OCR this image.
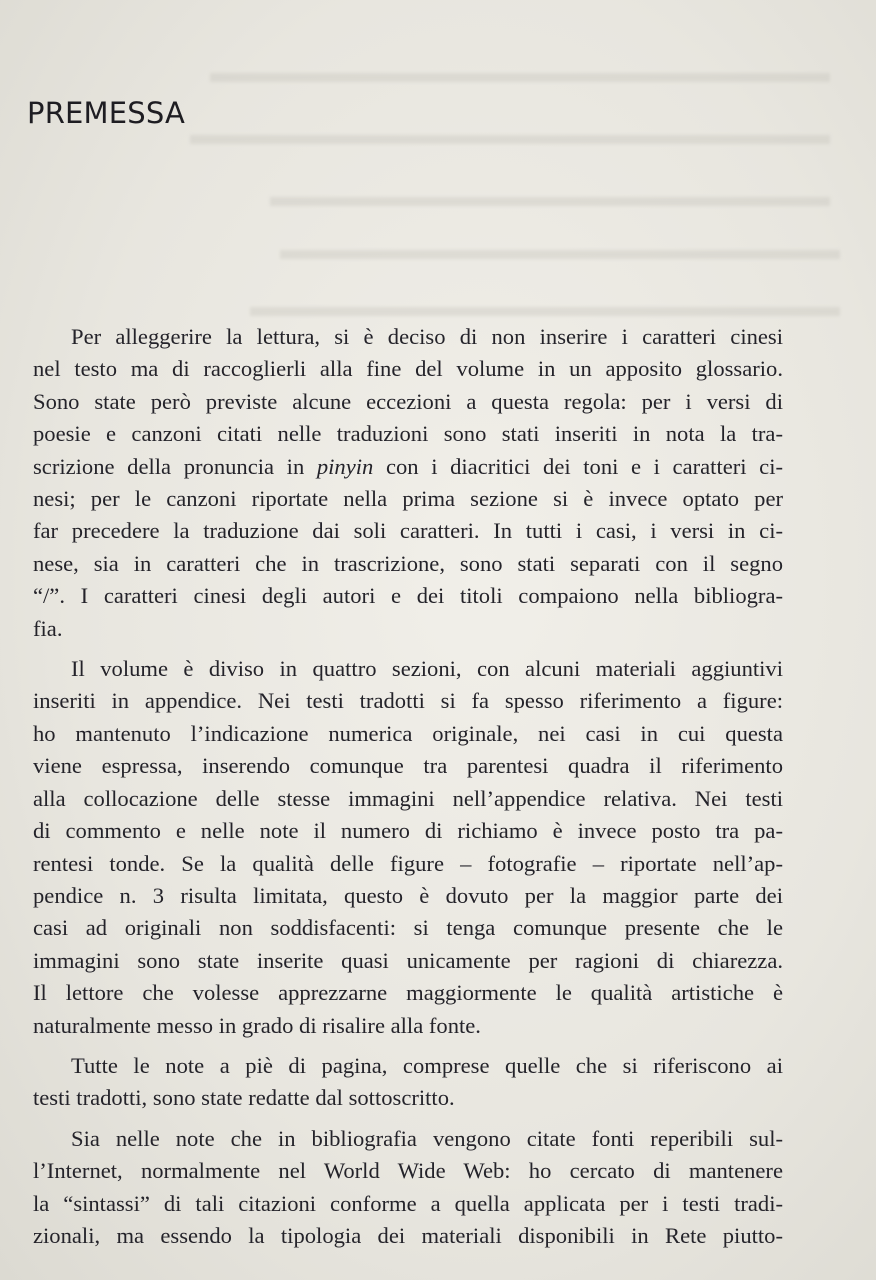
PREMESSA
Per alleggerire la lettura, si è deciso di non inserire i caratteri cinesi
nel testo ma di raccoglierli alla fine del volume in un apposito glossario.
Sono state però previste alcune eccezioni a questa regola: per i versi di
poesie e canzoni citati nelle traduzioni sono stati inseriti in nota la tra-
scrizione della pronuncia in pinyin con i diacritici dei toni e i caratteri ci-
nesi; per le canzoni riportate nella prima sezione si è invece optato per
far precedere la traduzione dai soli caratteri. In tutti i casi, i versi in ci-
nese, sia in caratteri che in trascrizione, sono stati separati con il segno
“/”. I caratteri cinesi degli autori e dei titoli compaiono nella bibliogra-
fia.
Il volume è diviso in quattro sezioni, con alcuni materiali aggiuntivi
inseriti in appendice. Nei testi tradotti si fa spesso riferimento a figure:
ho mantenuto l’indicazione numerica originale, nei casi in cui questa
viene espressa, inserendo comunque tra parentesi quadra il riferimento
alla collocazione delle stesse immagini nell’appendice relativa. Nei testi
di commento e nelle note il numero di richiamo è invece posto tra pa-
rentesi tonde. Se la qualità delle figure – fotografie – riportate nell’ap-
pendice n. 3 risulta limitata, questo è dovuto per la maggior parte dei
casi ad originali non soddisfacenti: si tenga comunque presente che le
immagini sono state inserite quasi unicamente per ragioni di chiarezza.
Il lettore che volesse apprezzarne maggiormente le qualità artistiche è
naturalmente messo in grado di risalire alla fonte.
Tutte le note a piè di pagina, comprese quelle che si riferiscono ai
testi tradotti, sono state redatte dal sottoscritto.
Sia nelle note che in bibliografia vengono citate fonti reperibili sul-
l’Internet, normalmente nel World Wide Web: ho cercato di mantenere
la “sintassi” di tali citazioni conforme a quella applicata per i testi tradi-
zionali, ma essendo la tipologia dei materiali disponibili in Rete piutto-
